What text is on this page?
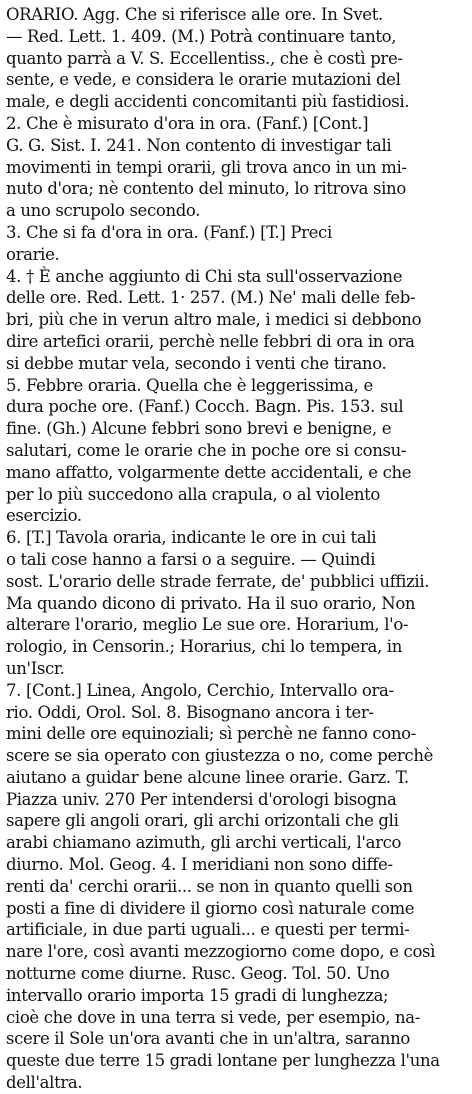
ORARIO. Agg. Che si riferisce alle ore. In Svet.
— Red. Lett. 1. 409. (M.) Potrà continuare tanto,
quanto parrà a V. S. Eccellentiss., che è costì pre-
sente, e vede, e considera le orarie mutazioni del
male, e degli accidenti concomitanti più fastidiosi.
2. Che è misurato d'ora in ora. (Fanf.) [Cont.]
G. G. Sist. I. 241. Non contento di investigar tali
movimenti in tempi orarii, gli trova anco in un mi-
nuto d'ora; nè contento del minuto, lo ritrova sino
a uno scrupolo secondo.
3. Che si fa d'ora in ora. (Fanf.) [T.] Preci
orarie.
4. † È anche aggiunto di Chi sta sull'osservazione
delle ore. Red. Lett. 1· 257. (M.) Ne' mali delle feb-
bri, più che in verun altro male, i medici si debbono
dire artefici orarii, perchè nelle febbri di ora in ora
si debbe mutar vela, secondo i venti che tirano.
5. Febbre oraria. Quella che è leggerissima, e
dura poche ore. (Fanf.) Cocch. Bagn. Pis. 153. sul
fine. (Gh.) Alcune febbri sono brevi e benigne, e
salutari, come le orarie che in poche ore si consu-
mano affatto, volgarmente dette accidentali, e che
per lo più succedono alla crapula, o al violento
esercizio.
6. [T.] Tavola oraria, indicante le ore in cui tali
o tali cose hanno a farsi o a seguire. — Quindi
sost. L'orario delle strade ferrate, de' pubblici uffizii.
Ma quando dicono di privato. Ha il suo orario, Non
alterare l'orario, meglio Le sue ore. Horarium, l'o-
rologio, in Censorin.; Horarius, chi lo tempera, in
un'Iscr.
7. [Cont.] Linea, Angolo, Cerchio, Intervallo ora-
rio. Oddi, Orol. Sol. 8. Bisognano ancora i ter-
mini delle ore equinoziali; sì perchè ne fanno cono-
scere se sia operato con giustezza o no, come perchè
aiutano a guidar bene alcune linee orarie. Garz. T.
Piazza univ. 270 Per intendersi d'orologi bisogna
sapere gli angoli orari, gli archi orizontali che gli
arabi chiamano azimuth, gli archi verticali, l'arco
diurno. Mol. Geog. 4. I meridiani non sono diffe-
renti da' cerchi orarii... se non in quanto quelli son
posti a fine di dividere il giorno così naturale come
artificiale, in due parti uguali... e questi per termi-
nare l'ore, così avanti mezzogiorno come dopo, e così
notturne come diurne. Rusc. Geog. Tol. 50. Uno
intervallo orario importa 15 gradi di lunghezza;
cioè che dove in una terra si vede, per esempio, na-
scere il Sole un'ora avanti che in un'altra, saranno
queste due terre 15 gradi lontane per lunghezza l'una
dell'altra.
